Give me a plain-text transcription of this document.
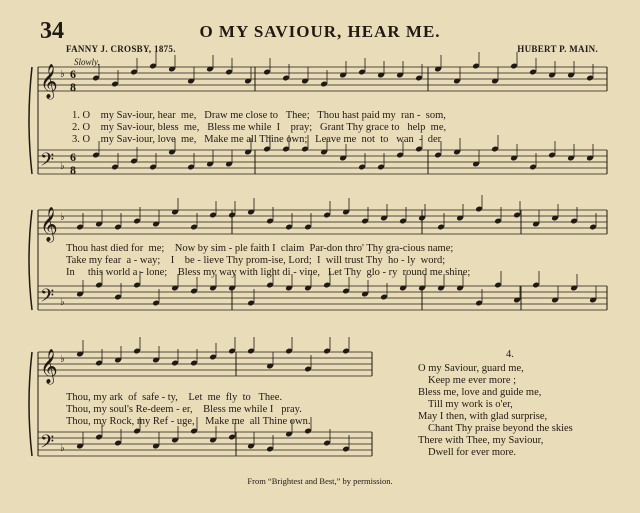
34	O MY SAVIOUR, HEAR ME.
FANNY J. CROSBY, 1875.	HUBERT P. MAIN.
Slowly.
𝄞
𝄢
♭
♭
6
8
6
8
𝄞
𝄢
♭
♭
𝄞
𝄢
♭
♭
1. O    my Sav-iour, hear  me,   Draw me close to   Thee;   Thou hast paid my  ran -  som,
2. O    my Sav-iour, bless  me,   Bless me while  I    pray;   Grant Thy grace to   help  me,
3. O    my Sav-iour, love  me,   Make me all Thine own;   Leave me  not  to   wan  -  der
Thou hast died for  me;    Now by sim - ple faith I  claim  Par-don thro' Thy gra-cious name;
Take my fear  a - way;    I    be - lieve Thy prom-ise, Lord;  I  will trust Thy  ho - ly  word;
In     this world a - lone;    Bless my way with light di - vine,   Let Thy  glo - ry  round me shine;
Thou, my ark  of  safe - ty,    Let  me  fly  to   Thee.
Thou, my soul's Re-deem - er,    Bless me while I   pray.
Thou, my Rock, my Ref - uge,    Make me  all Thine own.
4.
O my Saviour, guard me,
Keep me ever more ;
Bless me, love and guide me,
Till my work is o'er,
May I then, with glad surprise,
Chant Thy praise beyond the skies
There with Thee, my Saviour,
Dwell for ever more.
From “Brightest and Best,” by permission.
